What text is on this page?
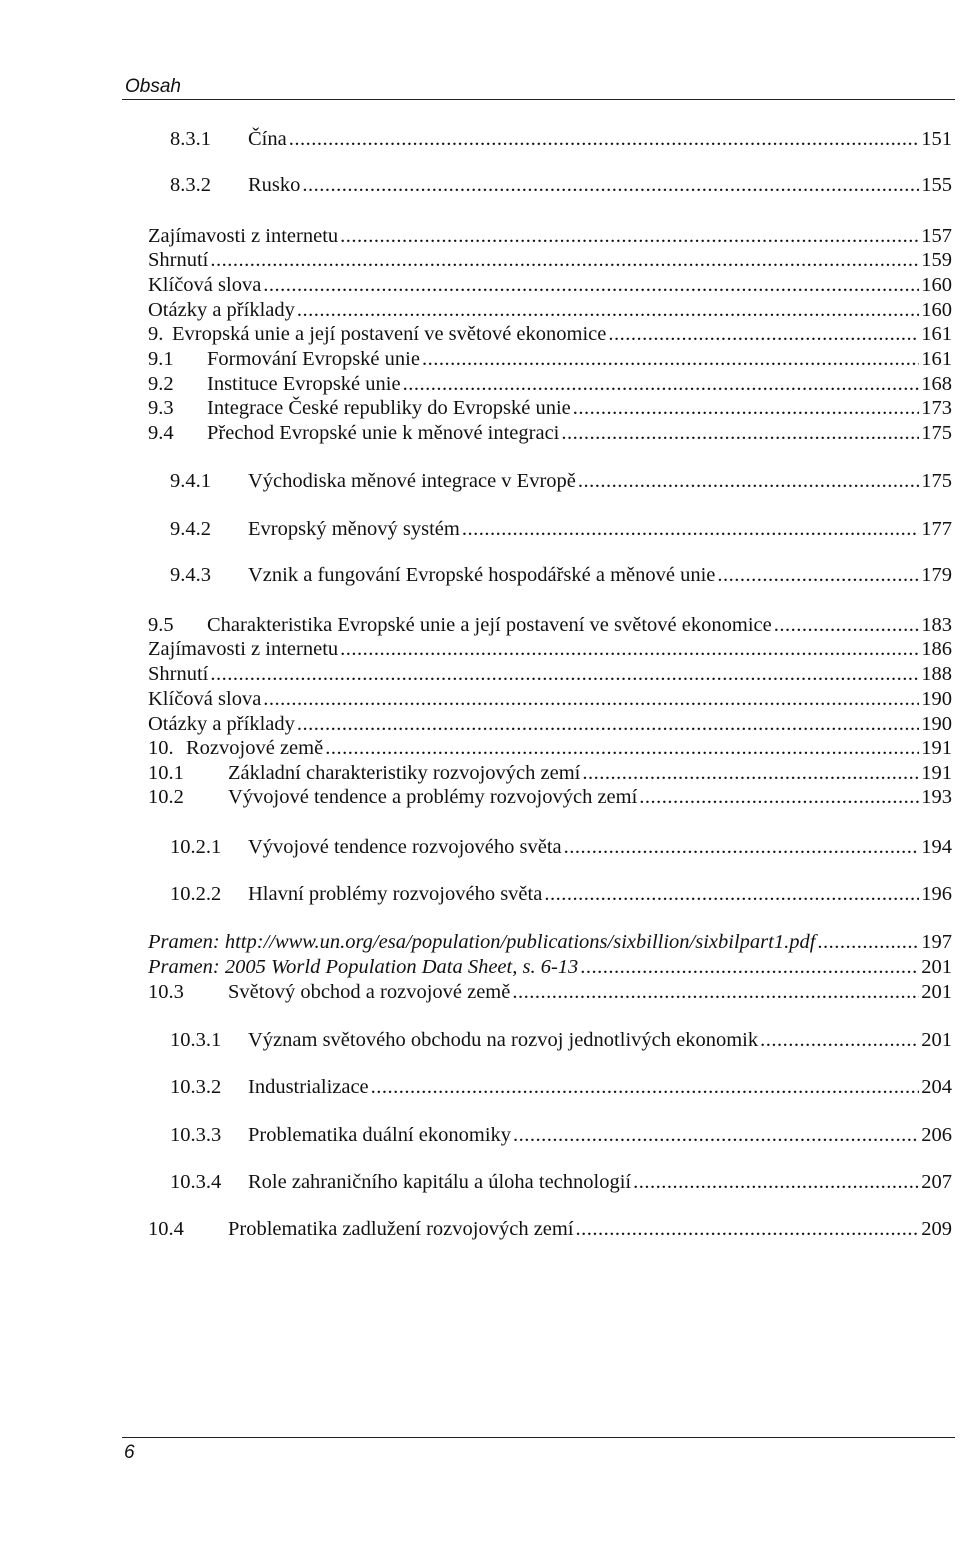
Obsah
8.3.1	Čína .....	151
8.3.2	Rusko .....	155
Zajímavosti z internetu .....	157
Shrnutí .....	159
Klíčová slova .....	160
Otázky a příklady .....	160
9. Evropská unie a její postavení ve světové ekonomice .....	161
9.1	Formování Evropské unie .....	161
9.2	Instituce Evropské unie .....	168
9.3	Integrace České republiky do Evropské unie .....	173
9.4	Přechod Evropské unie k měnové integraci .....	175
9.4.1	Východiska měnové integrace v Evropě .....	175
9.4.2	Evropský měnový systém .....	177
9.4.3	Vznik a fungování Evropské hospodářské a měnové unie .....	179
9.5	Charakteristika Evropské unie a její postavení ve světové ekonomice .....	183
Zajímavosti z internetu .....	186
Shrnutí .....	188
Klíčová slova .....	190
Otázky a příklady .....	190
10. Rozvojové země .....	191
10.1	Základní charakteristiky rozvojových zemí .....	191
10.2	Vývojové tendence a problémy rozvojových zemí .....	193
10.2.1	Vývojové tendence rozvojového světa .....	194
10.2.2	Hlavní problémy rozvojového světa .....	196
Pramen: http://www.un.org/esa/population/publications/sixbillion/sixbilpart1.pdf .....	197
Pramen: 2005 World Population Data Sheet, s. 6-13 .....	201
10.3	Světový obchod a rozvojové země .....	201
10.3.1	Význam světového obchodu na rozvoj jednotlivých ekonomik .....	201
10.3.2	Industrializace .....	204
10.3.3	Problematika duální ekonomiky .....	206
10.3.4	Role zahraničního kapitálu a úloha technologií .....	207
10.4	Problematika zadlužení rozvojových zemí .....	209
6
